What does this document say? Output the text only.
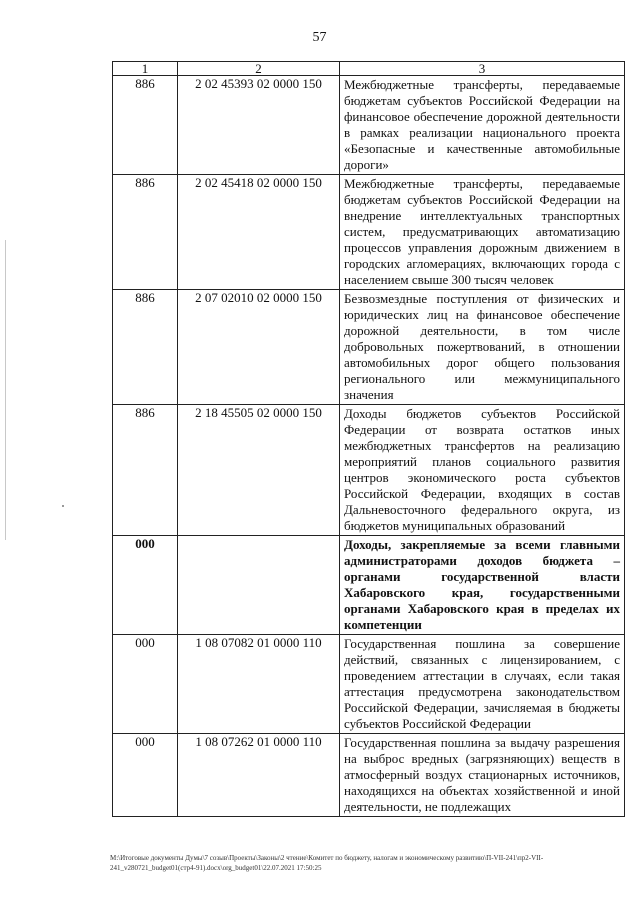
57
1	2	3
886	2 02 45393 02 0000 150	Межбюджетные трансферты, передаваемые бюджетам субъектов Российской Федерации на финансовое обеспечение дорожной деятельности в рамках реализации национального проекта «Безопасные и качественные автомобильные дороги»
886	2 02 45418 02 0000 150	Межбюджетные трансферты, передаваемые бюджетам субъектов Российской Федерации на внедрение интеллектуальных транспортных систем, предусматривающих автоматизацию процессов управления дорожным движением в городских агломерациях, включающих города с населением свыше 300 тысяч человек
886	2 07 02010 02 0000 150	Безвозмездные поступления от физических и юридических лиц на финансовое обеспечение дорожной деятельности, в том числе добровольных пожертвований, в отношении автомобильных дорог общего пользования регионального или межмуниципального значения
886	2 18 45505 02 0000 150	Доходы бюджетов субъектов Российской Федерации от возврата остатков иных межбюджетных трансфертов на реализацию мероприятий планов социального развития центров экономического роста субъектов Российской Федерации, входящих в состав Дальневосточного федерального округа, из бюджетов муниципальных образований
000		Доходы, закрепляемые за всеми главными администраторами доходов бюджета – органами государственной власти Хабаровского края, государственными органами Хабаровского края в пределах их компетенции
000	1 08 07082 01 0000 110	Государственная пошлина за совершение действий, связанных с лицензированием, с проведением аттестации в случаях, если такая аттестация предусмотрена законодательством Российской Федерации, зачисляемая в бюджеты субъектов Российской Федерации
000	1 08 07262 01 0000 110	Государственная пошлина за выдачу разрешения на выброс вредных (загрязняющих) веществ в атмосферный воздух стационарных источников, находящихся на объектах хозяйственной и иной деятельности, не подлежащих
М:\Итоговые документы Думы\7 созыв\Проекты\Законы\2 чтение\Комитет по бюджету, налогам и экономическому развитию\П-VII-241\пр2-VII-241_v280721_budget01(стр4-91).docx\org_budget01\22.07.2021 17:50:25
